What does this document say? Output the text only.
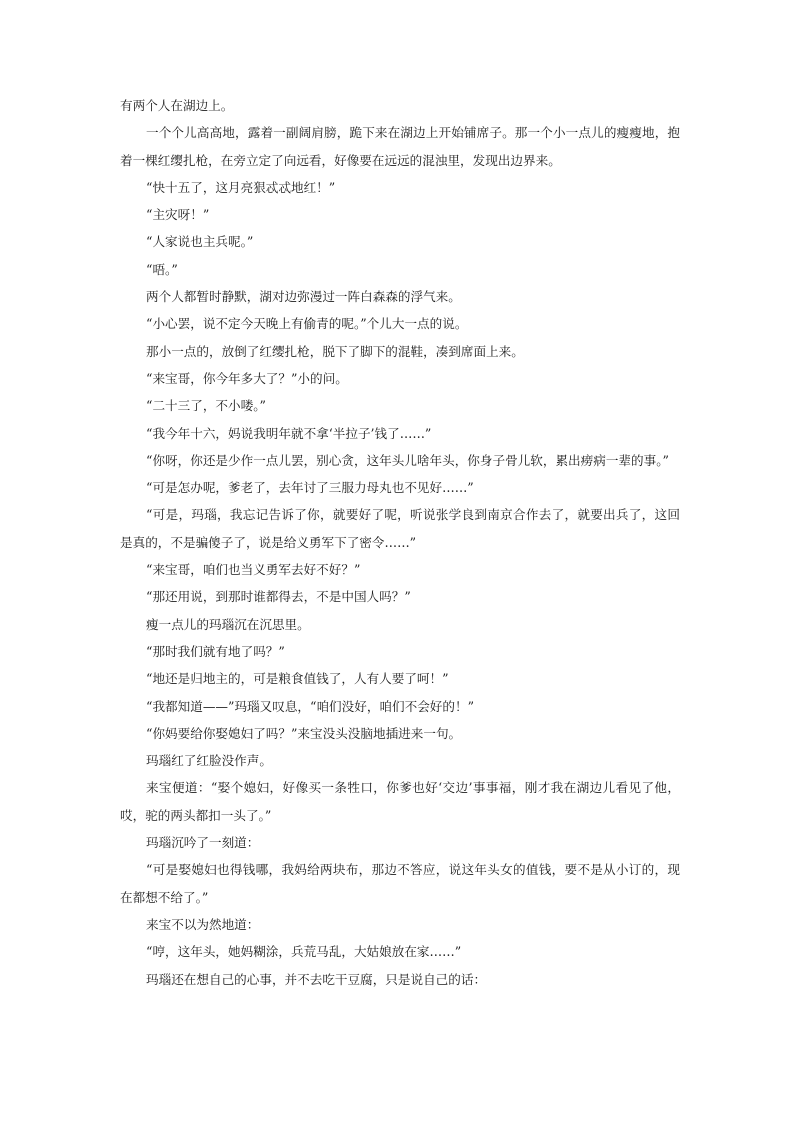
有两个人在湖边上。

一个个儿高高地，露着一副阔肩膀，跪下来在湖边上开始铺席子。那一个小一点儿的瘦瘦地，抱着一棵红缨扎枪，在旁立定了向远看，好像要在远远的混浊里，发现出边界来。

“快十五了，这月亮狠忒忒地红！”

“主灾呀！”

“人家说也主兵呢。”

“唔。”

两个人都暂时静默，湖对边弥漫过一阵白森森的浮气来。

“小心罢，说不定今天晚上有偷青的呢。”个儿大一点的说。

那小一点的，放倒了红缨扎枪，脱下了脚下的混鞋，凑到席面上来。

“来宝哥，你今年多大了？”小的问。

“二十三了，不小喽。”

“我今年十六，妈说我明年就不拿‘半拉子’钱了……”

“你呀，你还是少作一点儿罢，别心贪，这年头儿啥年头，你身子骨儿软，累出痨病一辈的事。”

“可是怎办呢，爹老了，去年讨了三服力母丸也不见好……”

“可是，玛瑙，我忘记告诉了你，就要好了呢，听说张学良到南京合作去了，就要出兵了，这回是真的，不是骗傻子了，说是给义勇军下了密令……”

“来宝哥，咱们也当义勇军去好不好？”

“那还用说，到那时谁都得去，不是中国人吗？”

瘦一点儿的玛瑙沉在沉思里。

“那时我们就有地了吗？”

“地还是归地主的，可是粮食值钱了，人有人要了呵！”

“我都知道——”玛瑙又叹息，“咱们没好，咱们不会好的！”

“你妈要给你娶媳妇了吗？”来宝没头没脑地插进来一句。

玛瑙红了红脸没作声。

来宝便道：“娶个媳妇，好像买一条牲口，你爹也好‘交边’事事福，刚才我在湖边儿看见了他，哎，驼的两头都扣一头了。”

玛瑙沉吟了一刻道：

“可是娶媳妇也得钱哪，我妈给两块布，那边不答应，说这年头女的值钱，要不是从小订的，现在都想不给了。”

来宝不以为然地道：

“哼，这年头，她妈糊涂，兵荒马乱，大姑娘放在家……”

玛瑙还在想自己的心事，并不去吃干豆腐，只是说自己的话：
